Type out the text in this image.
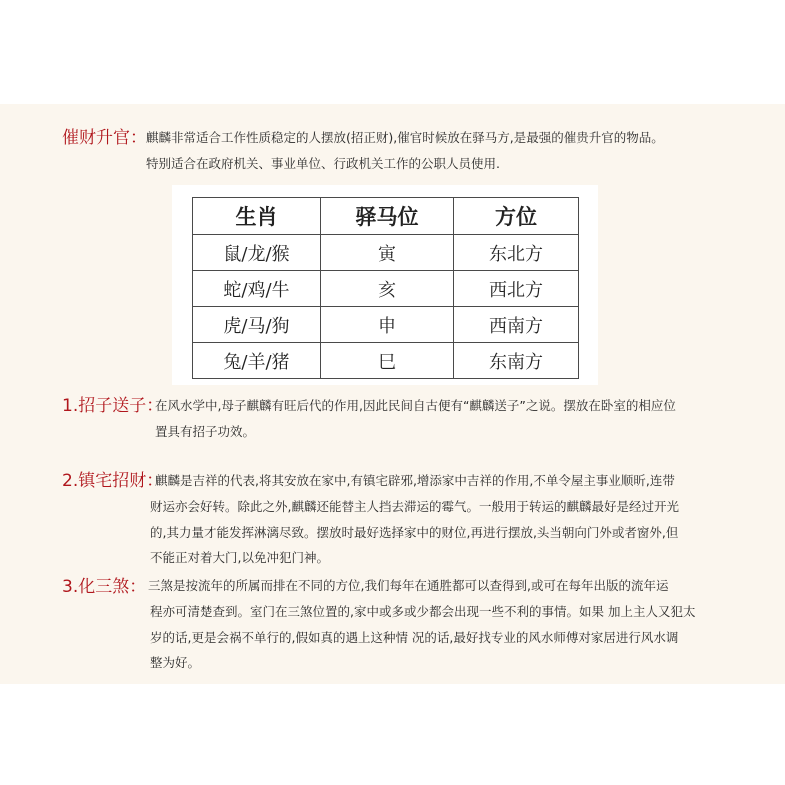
催财升官： 麒麟非常适合工作性质稳定的人摆放(招正财),催官时候放在驿马方,是最强的催贵升官的物品。
特别适合在政府机关、事业单位、行政机关工作的公职人员使用.
生肖	驿马位	方位
鼠/龙/猴	寅	东北方
蛇/鸡/牛	亥	西北方
虎/马/狗	申	西南方
兔/羊/猪	巳	东南方
1.招子送子：
在风水学中,母子麒麟有旺后代的作用,因此民间自古便有“麒麟送子”之说。摆放在卧室的相应位
置具有招子功效。
2.镇宅招财：
麒麟是吉祥的代表,将其安放在家中,有镇宅辟邪,增添家中吉祥的作用,不单令屋主事业顺昕,连带
财运亦会好转。除此之外,麒麟还能替主人挡去滞运的霉气。一般用于转运的麒麟最好是经过开光
的,其力量才能发挥淋漓尽致。摆放时最好选择家中的财位,再进行摆放,头当朝向门外或者窗外,但
不能正对着大门,以免冲犯门神。
3.化三煞： 三煞是按流年的所属而排在不同的方位,我们每年在通胜都可以查得到,或可在每年出版的流年运
程亦可清楚查到。室门在三煞位置的,家中或多或少都会出现一些不利的事情。如果 加上主人又犯太
岁的话,更是会祸不单行的,假如真的遇上这种情 况的话,最好找专业的风水师傅对家居进行风水调
整为好。
